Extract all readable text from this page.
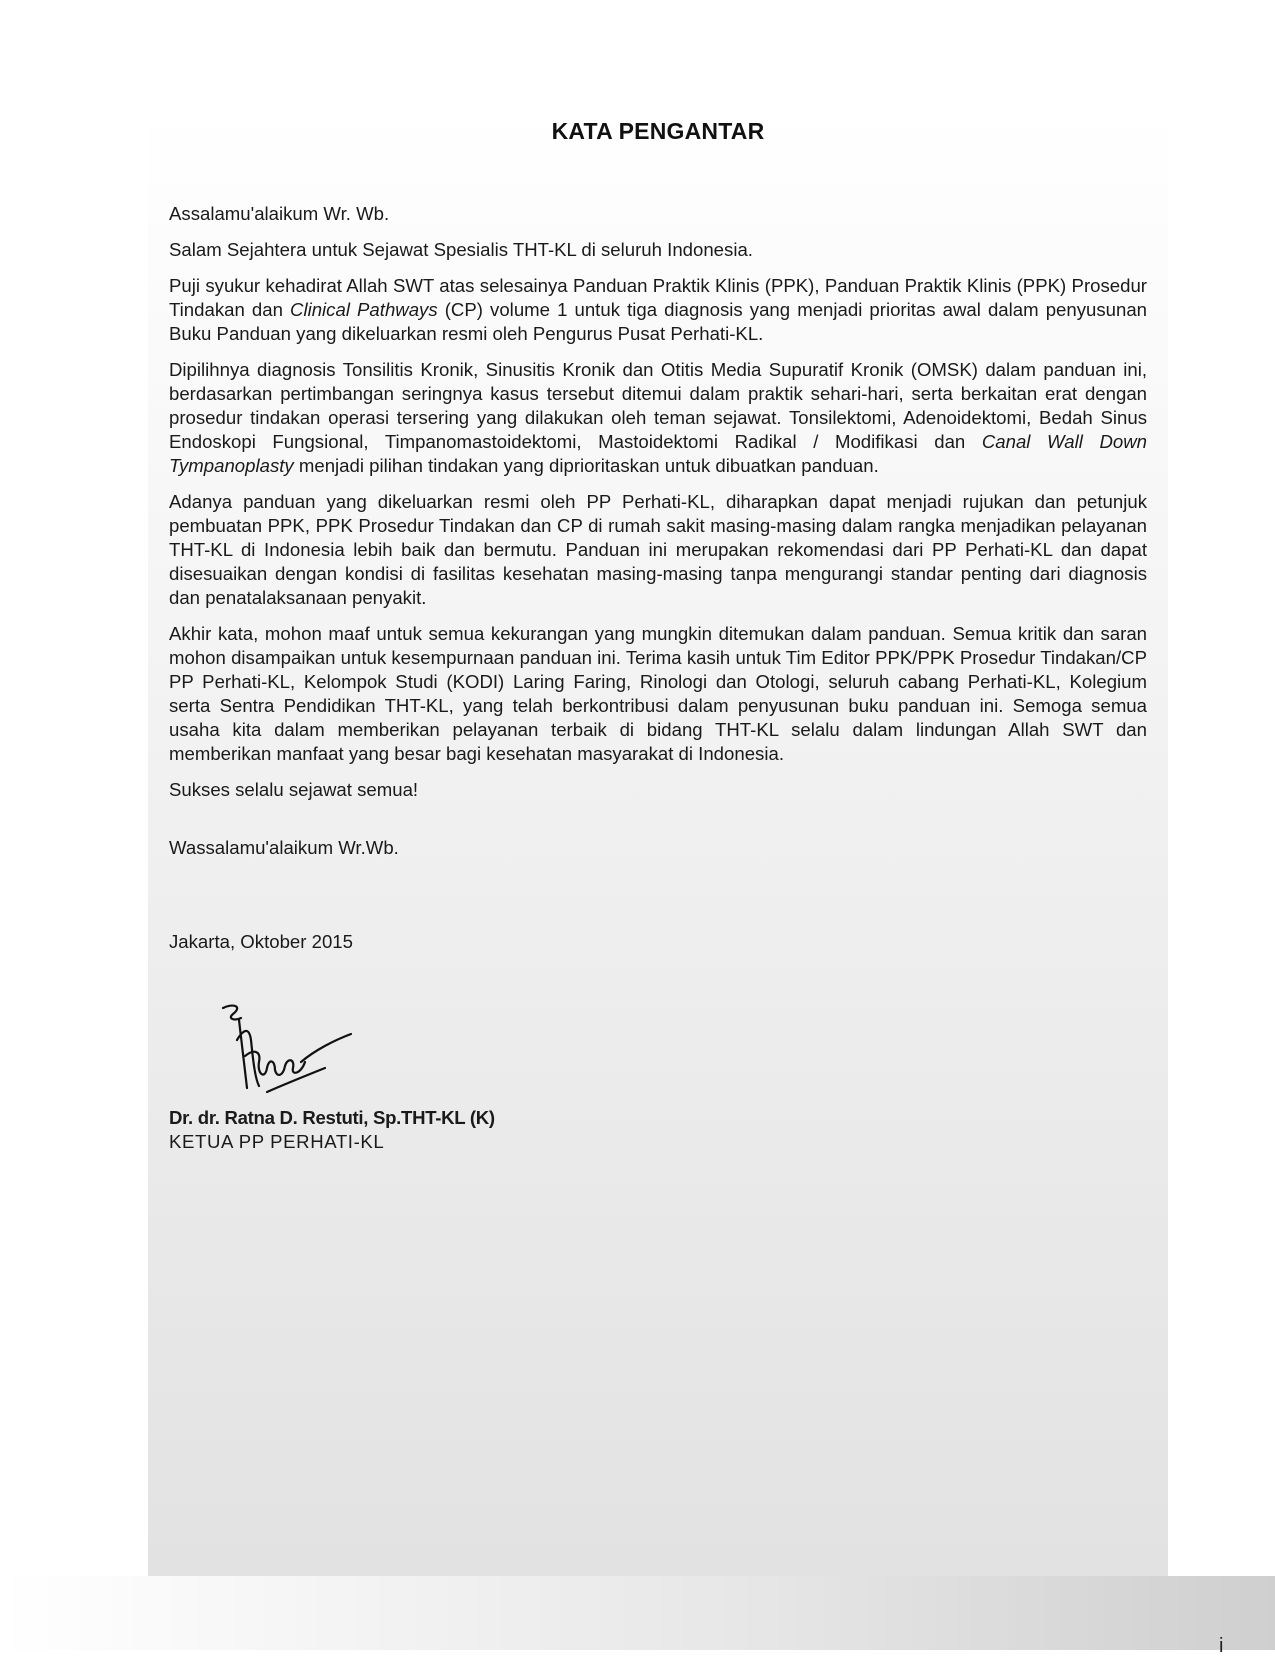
KATA PENGANTAR

Assalamu'alaikum Wr. Wb.

Salam Sejahtera untuk Sejawat Spesialis THT-KL di seluruh Indonesia.

Puji syukur kehadirat Allah SWT atas selesainya Panduan Praktik Klinis (PPK), Panduan Praktik Klinis (PPK) Prosedur Tindakan dan Clinical Pathways (CP) volume 1 untuk tiga diagnosis yang menjadi prioritas awal dalam penyusunan Buku Panduan yang dikeluarkan resmi oleh Pengurus Pusat Perhati-KL.

Dipilihnya diagnosis Tonsilitis Kronik, Sinusitis Kronik dan Otitis Media Supuratif Kronik (OMSK) dalam panduan ini, berdasarkan pertimbangan seringnya kasus tersebut ditemui dalam praktik sehari-hari, serta berkaitan erat dengan prosedur tindakan operasi tersering yang dilakukan oleh teman sejawat. Tonsilektomi, Adenoidektomi, Bedah Sinus Endoskopi Fungsional, Timpanomastoidektomi, Mastoidektomi Radikal / Modifikasi dan Canal Wall Down Tympanoplasty menjadi pilihan tindakan yang diprioritaskan untuk dibuatkan panduan.

Adanya panduan yang dikeluarkan resmi oleh PP Perhati-KL, diharapkan dapat menjadi rujukan dan petunjuk pembuatan PPK, PPK Prosedur Tindakan dan CP di rumah sakit masing-masing dalam rangka menjadikan pelayanan THT-KL di Indonesia lebih baik dan bermutu. Panduan ini merupakan rekomendasi dari PP Perhati-KL dan dapat disesuaikan dengan kondisi di fasilitas kesehatan masing-masing tanpa mengurangi standar penting dari diagnosis dan penatalaksanaan penyakit.

Akhir kata, mohon maaf untuk semua kekurangan yang mungkin ditemukan dalam panduan. Semua kritik dan saran mohon disampaikan untuk kesempurnaan panduan ini. Terima kasih untuk Tim Editor PPK/PPK Prosedur Tindakan/CP PP Perhati-KL, Kelompok Studi (KODI) Laring Faring, Rinologi dan Otologi, seluruh cabang Perhati-KL, Kolegium serta Sentra Pendidikan THT-KL, yang telah berkontribusi dalam penyusunan buku panduan ini. Semoga semua usaha kita dalam memberikan pelayanan terbaik di bidang THT-KL selalu dalam lindungan Allah SWT dan memberikan manfaat yang besar bagi kesehatan masyarakat di Indonesia.

Sukses selalu sejawat semua!

Wassalamu'alaikum Wr.Wb.

Jakarta, Oktober 2015

Dr. dr. Ratna D. Restuti, Sp.THT-KL (K)
KETUA PP PERHATI-KL
i
